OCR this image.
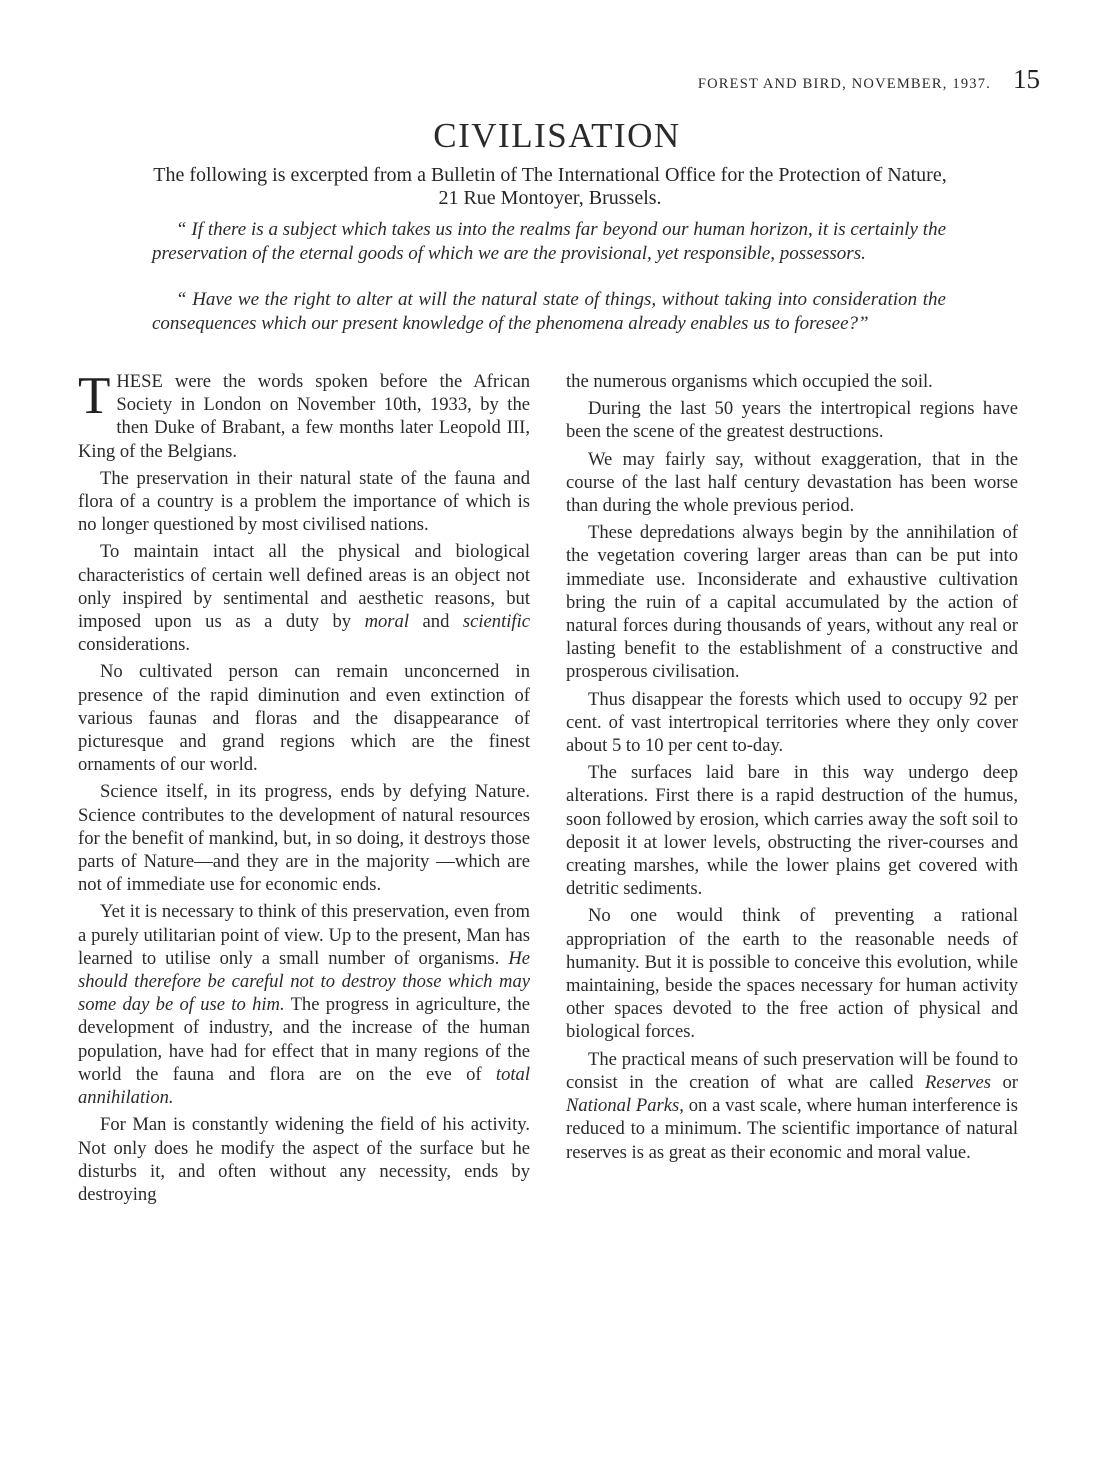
FOREST AND BIRD, NOVEMBER, 1937. 15
CIVILISATION
The following is excerpted from a Bulletin of The International Office for the Protection of Nature, 21 Rue Montoyer, Brussels.

“ If there is a subject which takes us into the realms far beyond our human horizon, it is certainly the preservation of the eternal goods of which we are the provisional, yet responsible, possessors.

“ Have we the right to alter at will the natural state of things, without taking into consideration the consequences which our present knowledge of the phenomena already enables us to foresee?”

THESE were the words spoken before the African Society in London on November 10th, 1933, by the then Duke of Brabant, a few months later Leopold III, King of the Belgians.

The preservation in their natural state of the fauna and flora of a country is a problem the importance of which is no longer questioned by most civilised nations.

To maintain intact all the physical and biological characteristics of certain well defined areas is an object not only inspired by sentimental and aesthetic reasons, but imposed upon us as a duty by moral and scientific considerations.

No cultivated person can remain unconcerned in presence of the rapid diminution and even extinction of various faunas and floras and the disappearance of picturesque and grand regions which are the finest ornaments of our world.

Science itself, in its progress, ends by defying Nature. Science contributes to the development of natural resources for the benefit of mankind, but, in so doing, it destroys those parts of Nature—and they are in the majority —which are not of immediate use for economic ends.

Yet it is necessary to think of this preservation, even from a purely utilitarian point of view. Up to the present, Man has learned to utilise only a small number of organisms. He should therefore be careful not to destroy those which may some day be of use to him. The progress in agriculture, the development of industry, and the increase of the human population, have had for effect that in many regions of the world the fauna and flora are on the eve of total annihilation.

For Man is constantly widening the field of his activity. Not only does he modify the aspect of the surface but he disturbs it, and often without any necessity, ends by destroying

the numerous organisms which occupied the soil.

During the last 50 years the intertropical regions have been the scene of the greatest destructions.

We may fairly say, without exaggeration, that in the course of the last half century devastation has been worse than during the whole previous period.

These depredations always begin by the annihilation of the vegetation covering larger areas than can be put into immediate use. Inconsiderate and exhaustive cultivation bring the ruin of a capital accumulated by the action of natural forces during thousands of years, without any real or lasting benefit to the establishment of a constructive and prosperous civilisation.

Thus disappear the forests which used to occupy 92 per cent. of vast intertropical territories where they only cover about 5 to 10 per cent to-day.

The surfaces laid bare in this way undergo deep alterations. First there is a rapid destruction of the humus, soon followed by erosion, which carries away the soft soil to deposit it at lower levels, obstructing the river-courses and creating marshes, while the lower plains get covered with detritic sediments.

No one would think of preventing a rational appropriation of the earth to the reasonable needs of humanity. But it is possible to conceive this evolution, while maintaining, beside the spaces necessary for human activity other spaces devoted to the free action of physical and biological forces.

The practical means of such preservation will be found to consist in the creation of what are called Reserves or National Parks, on a vast scale, where human interference is reduced to a minimum. The scientific importance of natural reserves is as great as their economic and moral value.
